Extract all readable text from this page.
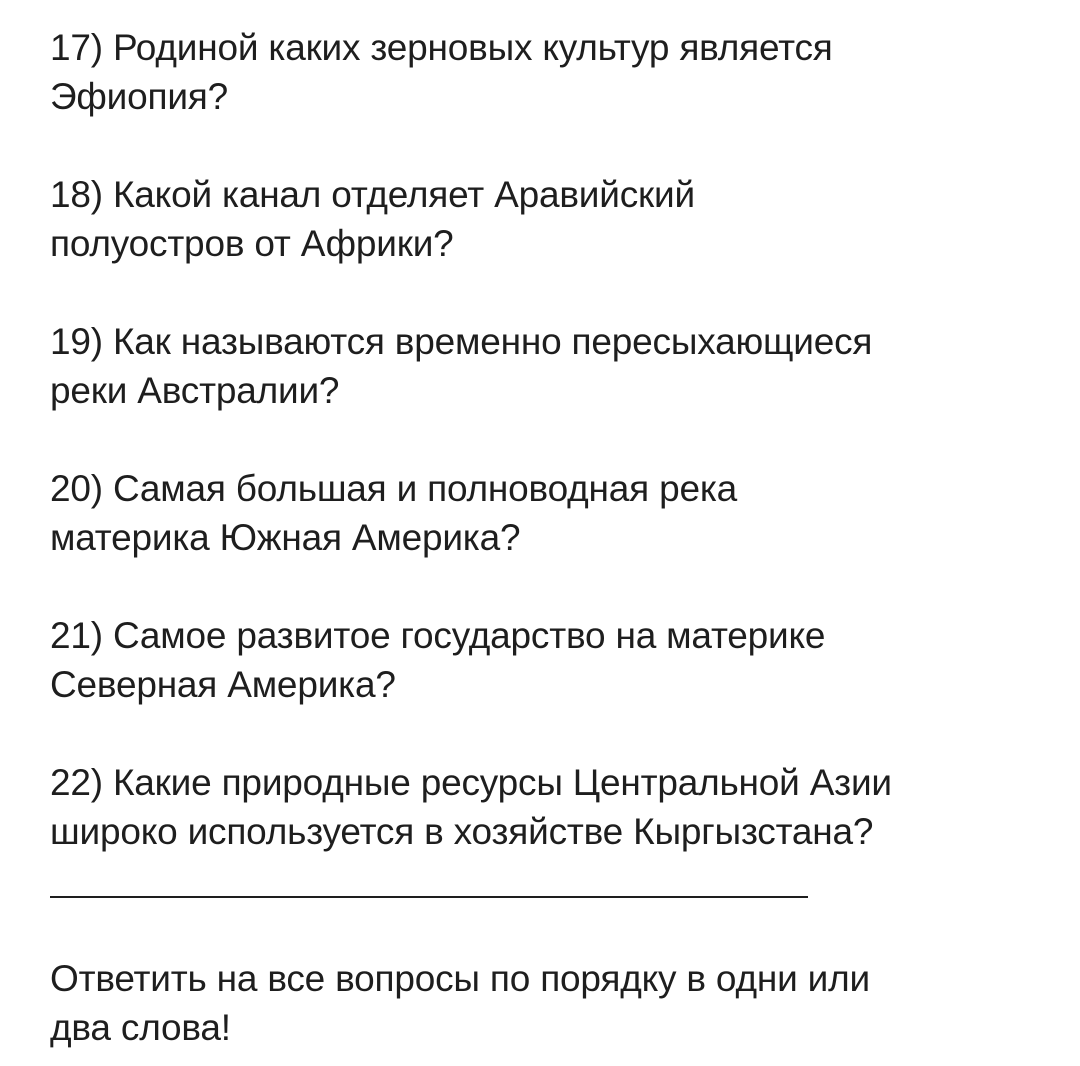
17) Родиной каких зерновых культур является
Эфиопия?
18) Какой канал отделяет Аравийский
полуостров от Африки?
19) Как называются временно пересыхающиеся
реки Австралии?
20) Самая большая и полноводная река
материка Южная Америка?
21) Самое развитое государство на материке
Северная Америка?
22) Какие природные ресурсы Центральной Азии
широко используется в хозяйстве Кыргызстана?
Ответить на все вопросы по порядку в одни или
два слова!
